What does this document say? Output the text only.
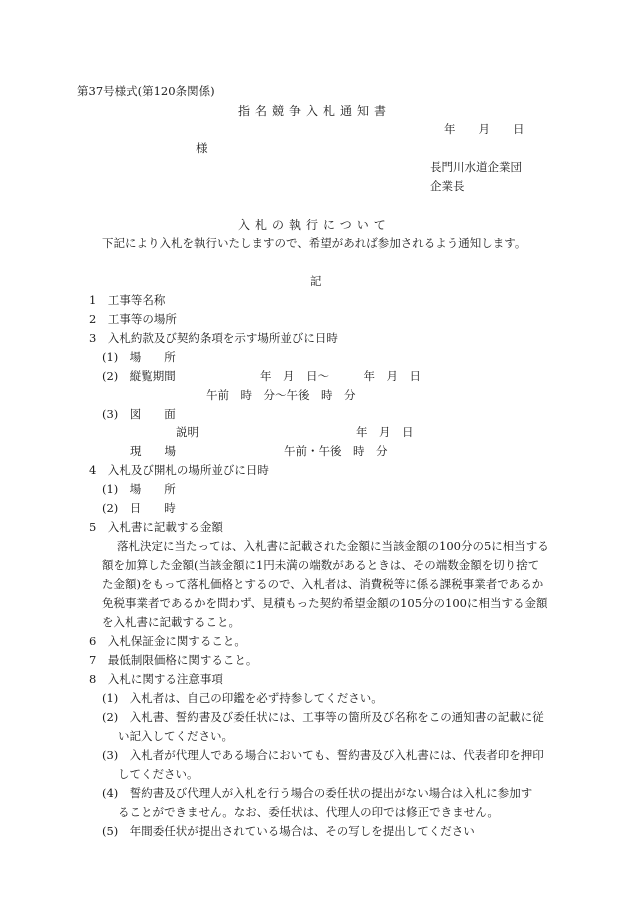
第37号様式(第120条関係)
指名競争入札通知書
年　　月　　日
様
長門川水道企業団
企業長
入札の執行について
下記により入札を執行いたしますので、希望があれば参加されるよう通知します。
記
1　工事等名称
2　工事等の場所
3　入札約款及び契約条項を示す場所並びに日時
(1)　場　　所
(2)　縦覧期間	年　月　日〜　　　年　月　日
午前　時　分〜午後　時　分
(3)　図　　面
説明	年　月　日
現　　場	午前・午後　時　分
4　入札及び開札の場所並びに日時
(1)　場　　所
(2)　日　　時
5　入札書に記載する金額
落札決定に当たっては、入札書に記載された金額に当該金額の100分の5に相当する
額を加算した金額(当該金額に1円未満の端数があるときは、その端数金額を切り捨て
た金額)をもって落札価格とするので、入札者は、消費税等に係る課税事業者であるか
免税事業者であるかを問わず、見積もった契約希望金額の105分の100に相当する金額
を入札書に記載すること。
6　入札保証金に関すること。
7　最低制限価格に関すること。
8　入札に関する注意事項
(1)　入札者は、自己の印鑑を必ず持参してください。
(2)　入札書、誓約書及び委任状には、工事等の箇所及び名称をこの通知書の記載に従
い記入してください。
(3)　入札者が代理人である場合においても、誓約書及び入札書には、代表者印を押印
してください。
(4)　誓約書及び代理人が入札を行う場合の委任状の提出がない場合は入札に参加す
ることができません。なお、委任状は、代理人の印では修正できません。
(5)　年間委任状が提出されている場合は、その写しを提出してください
